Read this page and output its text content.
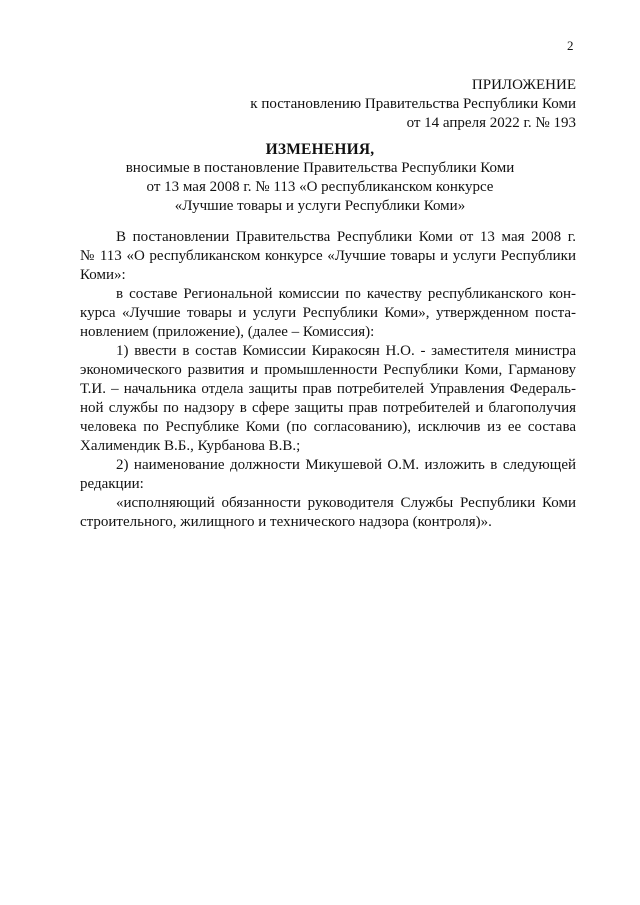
2
ПРИЛОЖЕНИЕ
к постановлению Правительства Республики Коми
от 14 апреля 2022 г. № 193
ИЗМЕНЕНИЯ,
вносимые в постановление Правительства Республики Коми
от 13 мая 2008 г. № 113 «О республиканском конкурсе
«Лучшие товары и услуги Республики Коми»
В постановлении Правительства Республики Коми от 13 мая 2008 г.
№ 113 «О республиканском конкурсе «Лучшие товары и услуги Республики
Коми»:
в составе Региональной комиссии по качеству республиканского кон-
курса «Лучшие товары и услуги Республики Коми», утвержденном поста-
новлением (приложение), (далее – Комиссия):
1) ввести в состав Комиссии Киракосян Н.О. - заместителя министра
экономического развития и промышленности Республики Коми, Гарманову
Т.И. – начальника отдела защиты прав потребителей Управления Федераль-
ной службы по надзору в сфере защиты прав потребителей и благополучия
человека по Республике Коми (по согласованию), исключив из ее состава
Халимендик В.Б., Курбанова В.В.;
2) наименование должности Микушевой О.М. изложить в следующей
редакции:
«исполняющий обязанности руководителя Службы Республики Коми
строительного, жилищного и технического надзора (контроля)».
